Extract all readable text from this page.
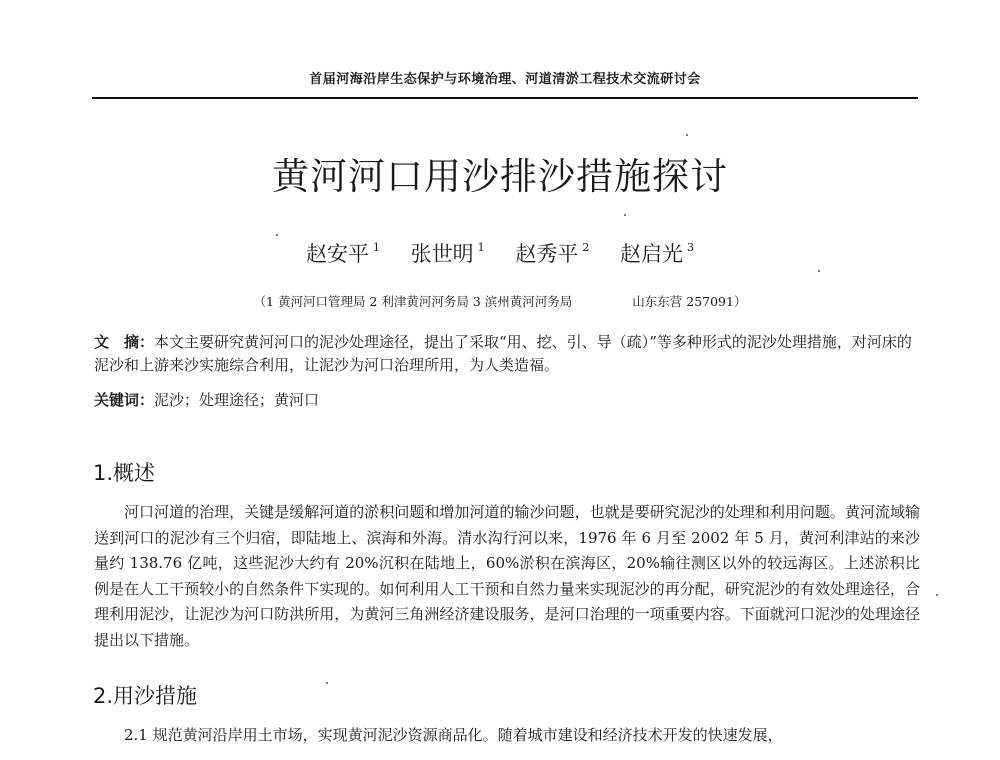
首届河海沿岸生态保护与环境治理、河道清淤工程技术交流研讨会
黄河河口用沙排沙措施探讨
赵安平 $^1$ 张世明 $^1$ 赵秀平 $^2$ 赵启光 $^3$
（1 黄河河口管理局 2 利津黄河河务局 3 滨州黄河河务局	山东东营 257091）
文　摘：本文主要研究黄河河口的泥沙处理途径，提出了采取“用、挖、引、导（疏）”等多种形式的泥沙处理措施，对河床的泥沙和上游来沙实施综合利用，让泥沙为河口治理所用，为人类造福。
关键词：泥沙；处理途径；黄河口
1.概述
河口河道的治理，关键是缓解河道的淤积问题和增加河道的输沙问题，也就是要研究泥沙的处理和利用问题。黄河流域输送到河口的泥沙有三个归宿，即陆地上、滨海和外海。清水沟行河以来，1976 年 6 月至 2002 年 5 月，黄河利津站的来沙量约 138.76 亿吨，这些泥沙大约有 20%沉积在陆地上，60%淤积在滨海区，20%输往测区以外的较远海区。上述淤积比例是在人工干预较小的自然条件下实现的。如何利用人工干预和自然力量来实现泥沙的再分配，研究泥沙的有效处理途径，合理利用泥沙，让泥沙为河口防洪所用，为黄河三角洲经济建设服务，是河口治理的一项重要内容。下面就河口泥沙的处理途径提出以下措施。
2.用沙措施
2.1 规范黄河沿岸用土市场，实现黄河泥沙资源商品化。随着城市建设和经济技术开发的快速发展，
